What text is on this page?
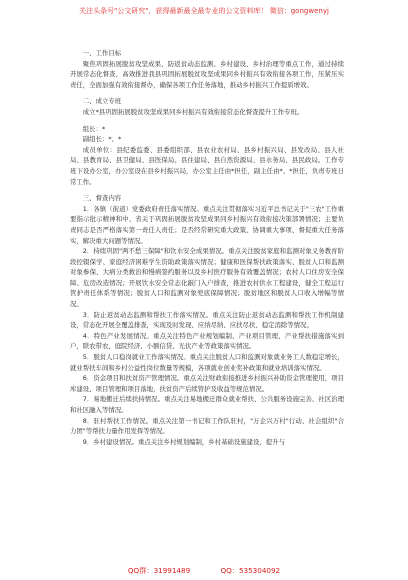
关注头条号"公文研究"，获得最新最全最专业的公文资料库！ 微信：gongwenyj

一、工作目标

聚焦巩固拓展脱贫攻坚成果、防返贫动态监测、乡村建设、乡村治理等重点工作，通过持续开展常态化督查，高效推进我县巩固拓展脱贫攻坚成果同乡村振兴有效衔接各项工作，压紧压实责任，全面加强有效衔接督办，确保各项工作任务落地，推动乡村振兴工作提质增效。

二、成立专班

成立*县巩固拓展脱贫攻坚成果同乡村振兴有效衔接常态化督查提升工作专班。

组长：*

副组长：*、*

成员单位：县纪委监委、县委组织部、县农业农村局、县乡村振兴局、县发改局、县人社局、县教育局、县卫健局、县医保局、县住建局、县自然资源局、县水务局、县民政局。工作专班下设办公室，办公室设在县乡村振兴局，办公室主任由*担任，副主任由*、*担任，负责专班日常工作。

三、督查内容

1．各镇（街道）党委政府责任落实情况。重点关注贯彻落实习近平总书记关于"三农"工作重要指示批示精神和中、省关于巩固拓展脱贫攻坚成果同乡村振兴有效衔接决策部署情况；主要负责同志是否严格落实第一责任人责任；是否经常研究重大政策、协调重大事项、督促重大任务落实，解决重大问题等情况。

2．持续巩固"两不愁三保障"和饮水安全成果情况。重点关注脱贫家庭和监测对象义务教育阶段控辍保学、家庭经济困难学生资助政策落实情况；健康和医保帮扶政策落实、脱贫人口和监测对象参保、大病分类救治和慢病签约服务以及乡村医疗服务有效覆盖情况；农村人口住房安全保障、危房改造情况；开展饮水安全常态化敲门入户排查，推进农村供水工程建设，健全工程运行管护责任体系等情况；脱贫人口和监测对象兜底保障情况；脱贫地区和脱贫人口收入增幅等情况。

3．防止返贫动态监测和帮扶工作落实情况。重点关注防止返贫动态监测和帮扶工作机制建设，常态化开展全覆盖排查，实现及时发现、应纳尽纳、应扶尽扶、稳定消除等情况。

4．特色产业发展情况。重点关注特色产业规划编制、产业项目管理、产业帮扶措施落实到户，联农带农、庭院经济、小额信贷、光伏产业等政策落实情况。

5．脱贫人口稳岗就业工作落实情况。重点关注脱贫人口和监测对象就业务工人数稳定增长，就业帮扶车间和乡村公益性岗位数量等规模，各项就业创业奖补政策和就业培训落实情况。

6．资金项目和扶贫资产管理情况。重点关注财政衔接推进乡村振兴补助资金管理使用，项目库建设、项目管理和项目落地，扶贫资产后续管护及收益等规范情况。

7．易地搬迁后续扶持情况。重点关注易地搬迁群众就业帮扶、公共服务设施完善、社区治理和社区融入等情况。

8．驻村帮扶工作情况。重点关注第一书记和工作队驻村，"万企兴万村"行动、社会组织"合力团"等帮扶力量作用发挥等情况。

9．乡村建设情况。重点关注乡村规划编制，乡村基础设施建设、提升与

QQ群：31991489	QQ：535304092
